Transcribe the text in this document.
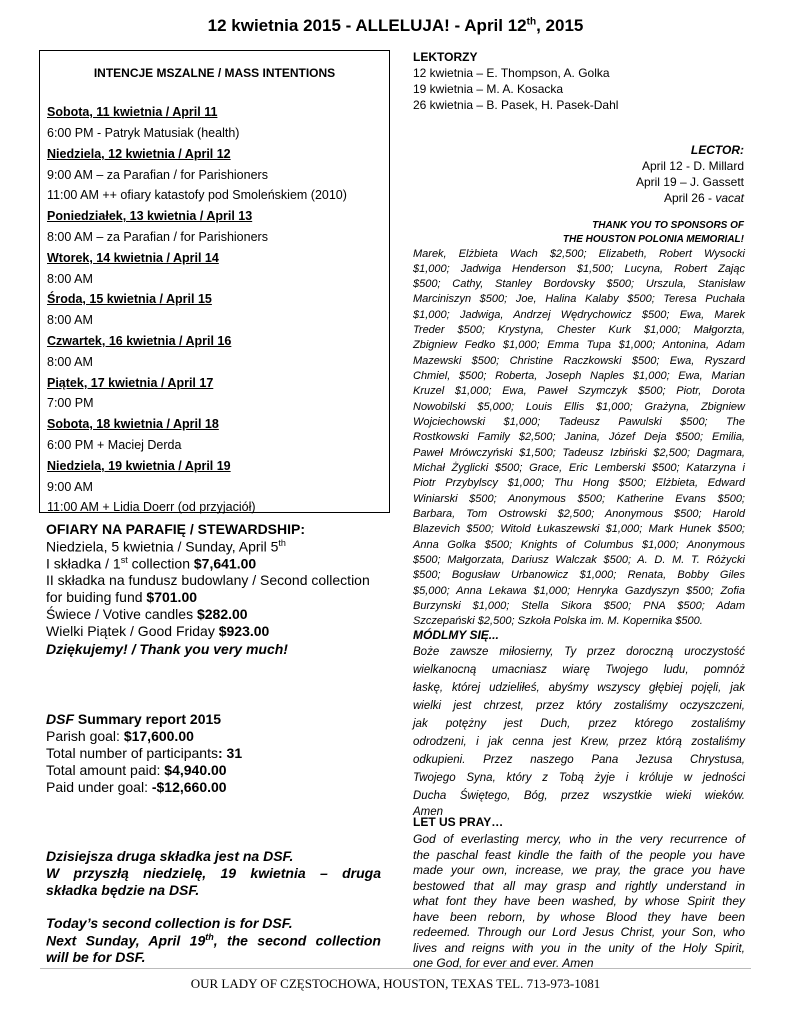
12 kwietnia 2015 - ALLELUJA! - April 12th, 2015
INTENCJE MSZALNE / MASS INTENTIONS
Sobota, 11 kwietnia / April 11
6:00 PM - Patryk Matusiak (health)
Niedziela, 12 kwietnia / April 12
9:00 AM – za Parafian / for Parishioners
11:00 AM ++ ofiary katastofy pod Smoleńskiem (2010)
Poniedziałek, 13 kwietnia / April 13
8:00 AM – za Parafian / for Parishioners
Wtorek, 14 kwietnia / April 14
8:00 AM
Środa, 15 kwietnia / April 15
8:00 AM
Czwartek, 16 kwietnia / April 16
8:00 AM
Piątek, 17 kwietnia / April 17
7:00 PM
Sobota, 18 kwietnia / April 18
6:00 PM + Maciej Derda
Niedziela, 19 kwietnia / April 19
9:00 AM
11:00 AM + Lidia Doerr (od przyjaciół)
OFIARY NA PARAFIĘ / STEWARDSHIP:
Niedziela, 5 kwietnia / Sunday, April 5th
I składka / 1st collection $7,641.00
II składka na fundusz budowlany / Second collection
for buiding fund $701.00
Świece / Votive candles $282.00
Wielki Piątek / Good Friday $923.00
Dziękujemy! / Thank you very much!
DSF Summary report 2015
Parish goal: $17,600.00
Total number of participants: 31
Total amount paid: $4,940.00
Paid under goal: -$12,660.00
Dzisiejsza druga składka jest na DSF.
W przyszłą niedzielę, 19 kwietnia – druga
składka będzie na DSF.
Today’s second collection is for DSF.
Next Sunday, April 19th, the second collection
will be for DSF.
LEKTORZY
12 kwietnia – E. Thompson, A. Golka
19 kwietnia – M. A. Kosacka
26 kwietnia – B. Pasek, H. Pasek-Dahl
LECTOR:
April 12 - D. Millard
April 19 – J. Gassett
April 26 - vacat
THANK YOU TO SPONSORS OF
THE HOUSTON POLONIA MEMORIAL!
Marek, Elżbieta Wach $2,500; Elizabeth, Robert Wysocki
$1,000; Jadwiga Henderson $1,500; Lucyna, Robert Zając
$500; Cathy, Stanley Bordovsky $500; Urszula, Stanisław
Marciniszyn $500; Joe, Halina Kalaby $500; Teresa Puchała
$1,000; Jadwiga, Andrzej Wędrychowicz $500; Ewa, Marek
Treder $500; Krystyna, Chester Kurk $1,000; Małgorzta,
Zbigniew Fedko $1,000; Emma Tupa $1,000; Antonina, Adam
Mazewski $500; Christine Raczkowski $500; Ewa, Ryszard
Chmiel, $500; Roberta, Joseph Naples $1,000; Ewa, Marian
Kruzel $1,000; Ewa, Paweł Szymczyk $500; Piotr, Dorota
Nowobilski $5,000; Louis Ellis $1,000; Grażyna, Zbigniew
Wojciechowski $1,000; Tadeusz Pawulski $500; The
Rostkowski Family $2,500; Janina, Józef Deja $500; Emilia,
Paweł Mrówczyński $1,500; Tadeusz Izbiński $2,500; Dagmara,
Michał Żyglicki $500; Grace, Eric Lemberski $500; Katarzyna i
Piotr Przybylscy $1,000; Thu Hong $500; Elżbieta, Edward
Winiarski $500; Anonymous $500; Katherine Evans $500;
Barbara, Tom Ostrowski $2,500; Anonymous $500; Harold
Blazevich $500; Witold Łukaszewski $1,000; Mark Hunek $500;
Anna Golka $500; Knights of Columbus $1,000; Anonymous
$500; Małgorzata, Dariusz Walczak $500; A. D. M. T. Różycki
$500; Bogusław Urbanowicz $1,000; Renata, Bobby Giles
$5,000; Anna Lekawa $1,000; Henryka Gazdyszyn $500; Zofia
Burzynski $1,000; Stella Sikora $500; PNA $500; Adam
Szczepański $2,500; Szkoła Polska im. M. Kopernika $500.
MÓDLMY SIĘ...
Boże zawsze miłosierny, Ty przez doroczną uroczystość
wielkanocną umacniasz wiarę Twojego ludu, pomnóż
łaskę, której udzieliłeś, abyśmy wszyscy głębiej pojęli, jak
wielki jest chrzest, przez który zostaliśmy oczyszczeni,
jak potężny jest Duch, przez którego zostaliśmy
odrodzeni, i jak cenna jest Krew, przez którą zostaliśmy
odkupieni. Przez naszego Pana Jezusa Chrystusa,
Twojego Syna, który z Tobą żyje i króluje w jedności
Ducha Świętego, Bóg, przez wszystkie wieki wieków.
Amen
LET US PRAY…
God of everlasting mercy, who in the very recurrence of
the paschal feast kindle the faith of the people you have
made your own, increase, we pray, the grace you have
bestowed that all may grasp and rightly understand in
what font they have been washed, by whose Spirit they
have been reborn, by whose Blood they have been
redeemed. Through our Lord Jesus Christ, your Son, who
lives and reigns with you in the unity of the Holy Spirit,
one God, for ever and ever. Amen
OUR LADY OF CZĘSTOCHOWA, HOUSTON, TEXAS TEL. 713-973-1081
